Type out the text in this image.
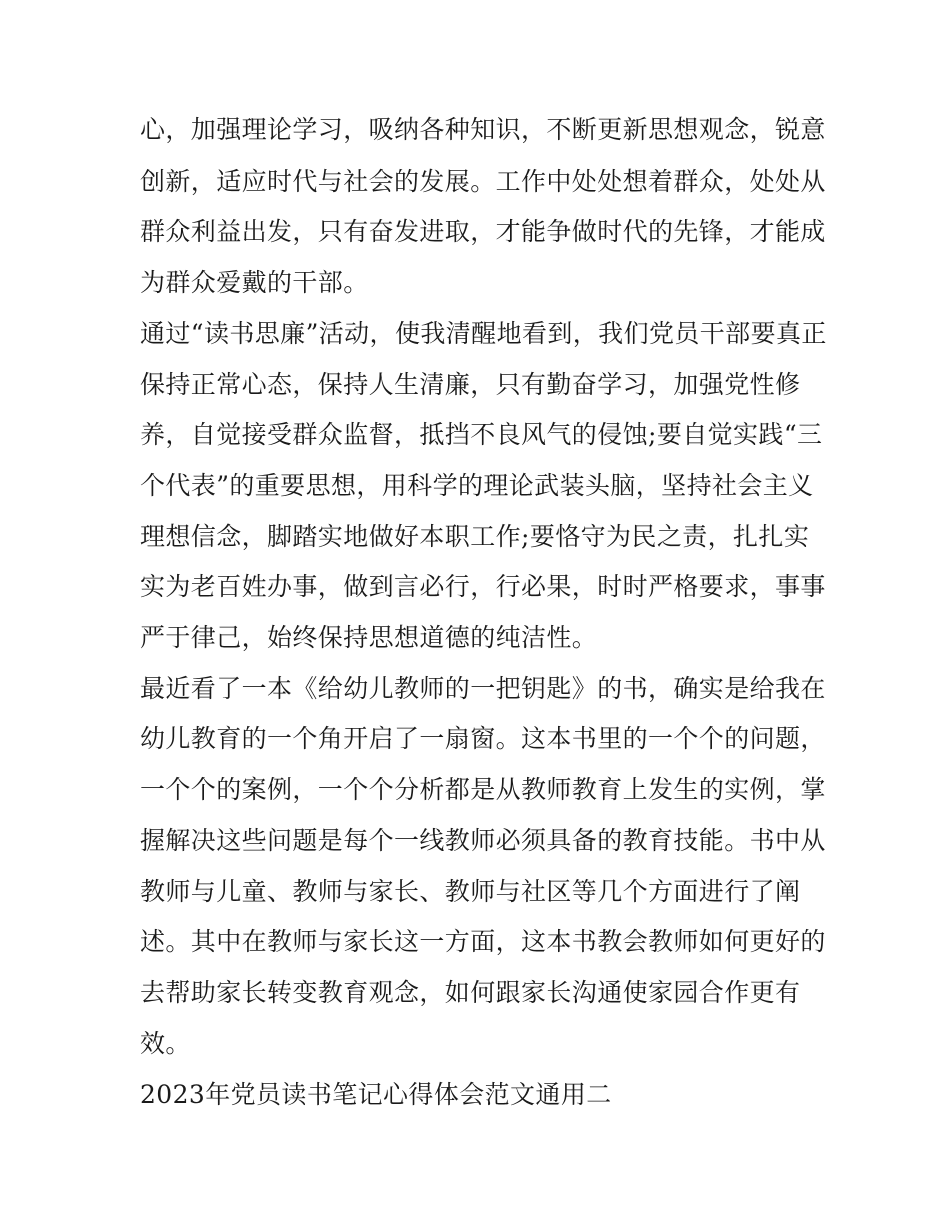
心，加强理论学习，吸纳各种知识，不断更新思想观念，锐意
创新，适应时代与社会的发展。工作中处处想着群众，处处从
群众利益出发，只有奋发进取，才能争做时代的先锋，才能成
为群众爱戴的干部。
通过“读书思廉”活动，使我清醒地看到，我们党员干部要真正
保持正常心态，保持人生清廉，只有勤奋学习，加强党性修
养，自觉接受群众监督，抵挡不良风气的侵蚀;要自觉实践“三
个代表”的重要思想，用科学的理论武装头脑，坚持社会主义
理想信念，脚踏实地做好本职工作;要恪守为民之责，扎扎实
实为老百姓办事，做到言必行，行必果，时时严格要求，事事
严于律己，始终保持思想道德的纯洁性。
最近看了一本《给幼儿教师的一把钥匙》的书，确实是给我在
幼儿教育的一个角开启了一扇窗。这本书里的一个个的问题，
一个个的案例，一个个分析都是从教师教育上发生的实例，掌
握解决这些问题是每个一线教师必须具备的教育技能。书中从
教师与儿童、教师与家长、教师与社区等几个方面进行了阐
述。其中在教师与家长这一方面，这本书教会教师如何更好的
去帮助家长转变教育观念，如何跟家长沟通使家园合作更有
效。
2023年党员读书笔记心得体会范文通用二
